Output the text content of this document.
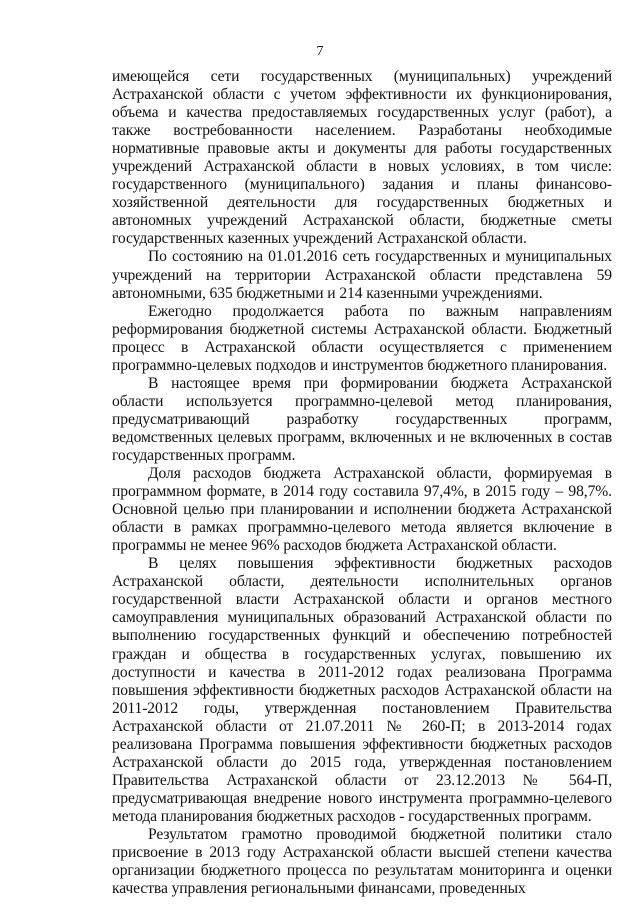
7

имеющейся сети государственных (муниципальных) учреждений Астраханской области с учетом эффективности их функционирования, объема и качества предоставляемых государственных услуг (работ), а также востребованности населением. Разработаны необходимые нормативные правовые акты и документы для работы государственных учреждений Астраханской области в новых условиях, в том числе: государственного (муниципального) задания и планы финансово-хозяйственной деятельности для государственных бюджетных и автономных учреждений Астраханской области, бюджетные сметы государственных казенных учреждений Астраханской области.

По состоянию на 01.01.2016 сеть государственных и муниципальных учреждений на территории Астраханской области представлена 59 автономными, 635 бюджетными и 214 казенными учреждениями.

Ежегодно продолжается работа по важным направлениям реформирования бюджетной системы Астраханской области. Бюджетный процесс в Астраханской области осуществляется с применением программно-целевых подходов и инструментов бюджетного планирования.

В настоящее время при формировании бюджета Астраханской области используется программно-целевой метод планирования, предусматривающий разработку государственных программ, ведомственных целевых программ, включенных и не включенных в состав государственных программ.

Доля расходов бюджета Астраханской области, формируемая в программном формате, в 2014 году составила 97,4%, в 2015 году – 98,7%. Основной целью при планировании и исполнении бюджета Астраханской области в рамках программно-целевого метода является включение в программы не менее 96% расходов бюджета Астраханской области.

В целях повышения эффективности бюджетных расходов Астраханской области, деятельности исполнительных органов государственной власти Астраханской области и органов местного самоуправления муниципальных образований Астраханской области по выполнению государственных функций и обеспечению потребностей граждан и общества в государственных услугах, повышению их доступности и качества в 2011-2012 годах реализована Программа повышения эффективности бюджетных расходов Астраханской области на 2011-2012 годы, утвержденная постановлением Правительства Астраханской области от 21.07.2011 № 260-П; в 2013-2014 годах реализована Программа повышения эффективности бюджетных расходов Астраханской области до 2015 года, утвержденная постановлением Правительства Астраханской области от 23.12.2013 № 564-П, предусматривающая внедрение нового инструмента программно-целевого метода планирования бюджетных расходов - государственных программ.

Результатом грамотно проводимой бюджетной политики стало присвоение в 2013 году Астраханской области высшей степени качества организации бюджетного процесса по результатам мониторинга и оценки качества управления региональными финансами, проведенных
